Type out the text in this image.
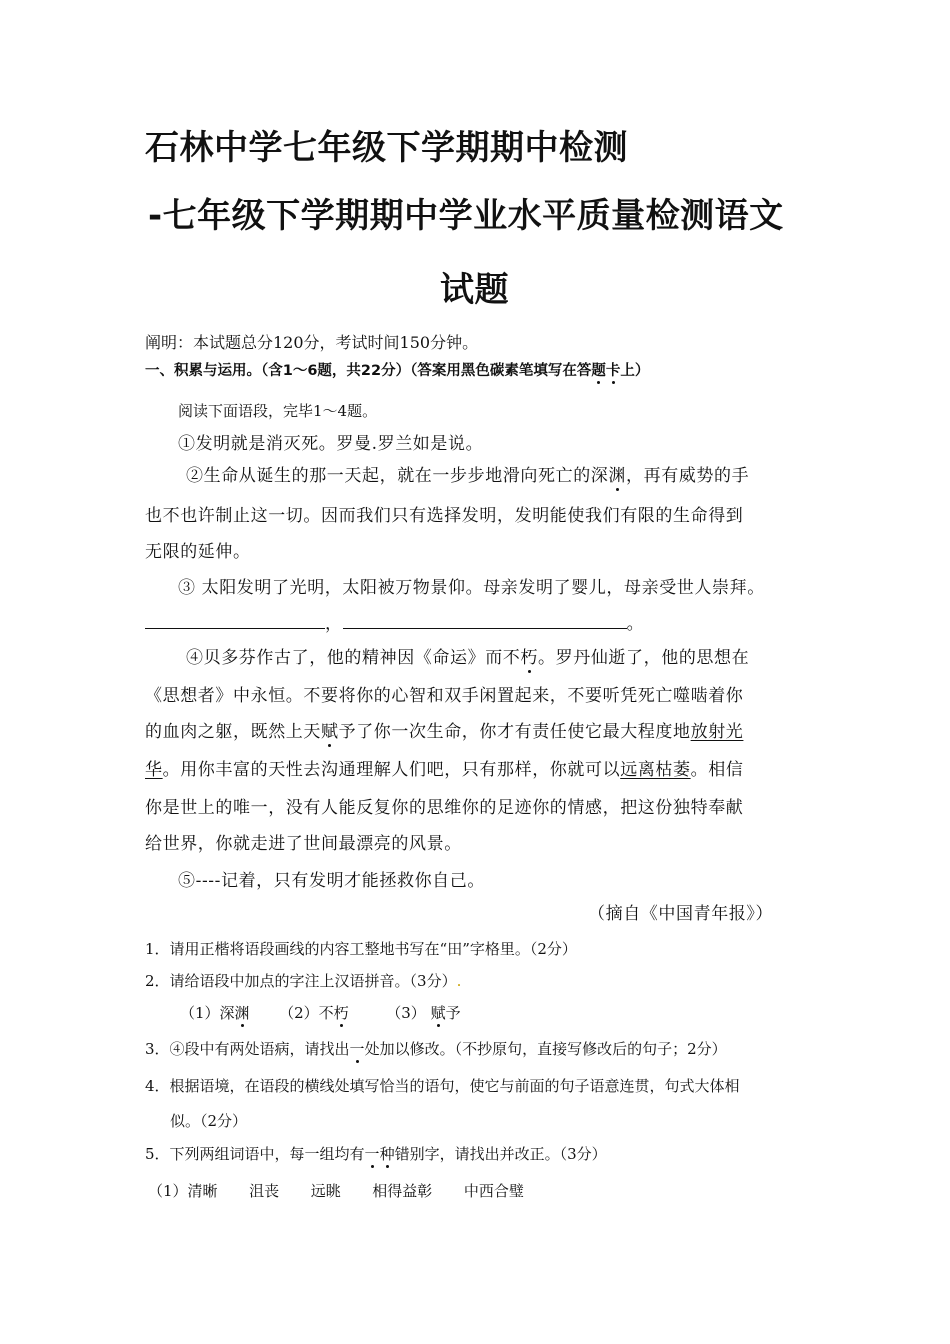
石林中学七年级下学期期中检测
-七年级下学期期中学业水平质量检测语文
试题
阐明：本试题总分120分，考试时间150分钟。
一、积累与运用。（含1～6题，共22分）（答案用黑色碳素笔填写在答题卡上）
阅读下面语段，完毕1～4题。
①发明就是消灭死。罗曼.罗兰如是说。
②生命从诞生的那一天起，就在一步步地滑向死亡的深渊，再有威势的手
也不也许制止这一切。因而我们只有选择发明，发明能使我们有限的生命得到
无限的延伸。
③ 太阳发明了光明，太阳被万物景仰。母亲发明了婴儿，母亲受世人崇拜。
，	。
④贝多芬作古了，他的精神因《命运》而不朽。罗丹仙逝了，他的思想在
《思想者》中永恒。不要将你的心智和双手闲置起来，不要听凭死亡噬啮着你
的血肉之躯，既然上天赋予了你一次生命，你才有责任使它最大程度地放射光
华。用你丰富的天性去沟通理解人们吧，只有那样，你就可以远离枯萎。相信
你是世上的唯一，没有人能反复你的思维你的足迹你的情感，把这份独特奉献
给世界，你就走进了世间最漂亮的风景。
⑤----记着，只有发明才能拯救你自己。
（摘自《中国青年报》）
1．请用正楷将语段画线的内容工整地书写在“田”字格里。（2分）
2．请给语段中加点的字注上汉语拼音。（3分）.
（1）深渊 （2）不朽	（3） 赋予
3．④段中有两处语病，请找出一处加以修改。（不抄原句，直接写修改后的句子；2分）
4．根据语境，在语段的横线处填写恰当的语句，使它与前面的句子语意连贯，句式大体相
似。（2分）
5．下列两组词语中，每一组均有一种错别字，请找出并改正。（3分）
（1）清晰 沮丧 远眺 相得益彰 中西合璧
